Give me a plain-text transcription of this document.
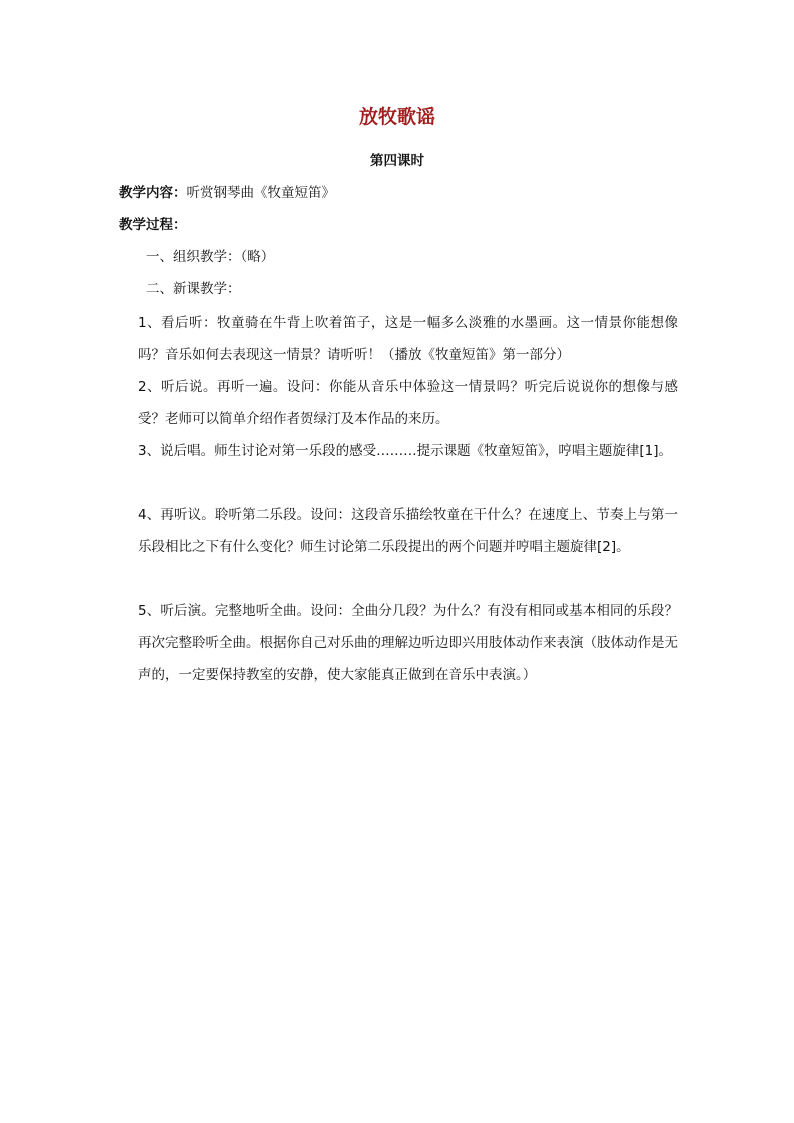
放牧歌谣
第四课时
教学内容：听赏钢琴曲《牧童短笛》
教学过程：
一、组织教学：（略）
二、新课教学：
1、看后听：牧童骑在牛背上吹着笛子，这是一幅多么淡雅的水墨画。这一情景你能想像吗？音乐如何去表现这一情景？请听听！（播放《牧童短笛》第一部分）
2、听后说。再听一遍。设问：你能从音乐中体验这一情景吗？听完后说说你的想像与感受？老师可以简单介绍作者贺绿汀及本作品的来历。
3、说后唱。师生讨论对第一乐段的感受………提示课题《牧童短笛》，哼唱主题旋律[1]。
4、再听议。聆听第二乐段。设问：这段音乐描绘牧童在干什么？在速度上、节奏上与第一乐段相比之下有什么变化？师生讨论第二乐段提出的两个问题并哼唱主题旋律[2]。
5、听后演。完整地听全曲。设问：全曲分几段？为什么？有没有相同或基本相同的乐段？再次完整聆听全曲。根据你自己对乐曲的理解边听边即兴用肢体动作来表演（肢体动作是无声的，一定要保持教室的安静，使大家能真正做到在音乐中表演。）
